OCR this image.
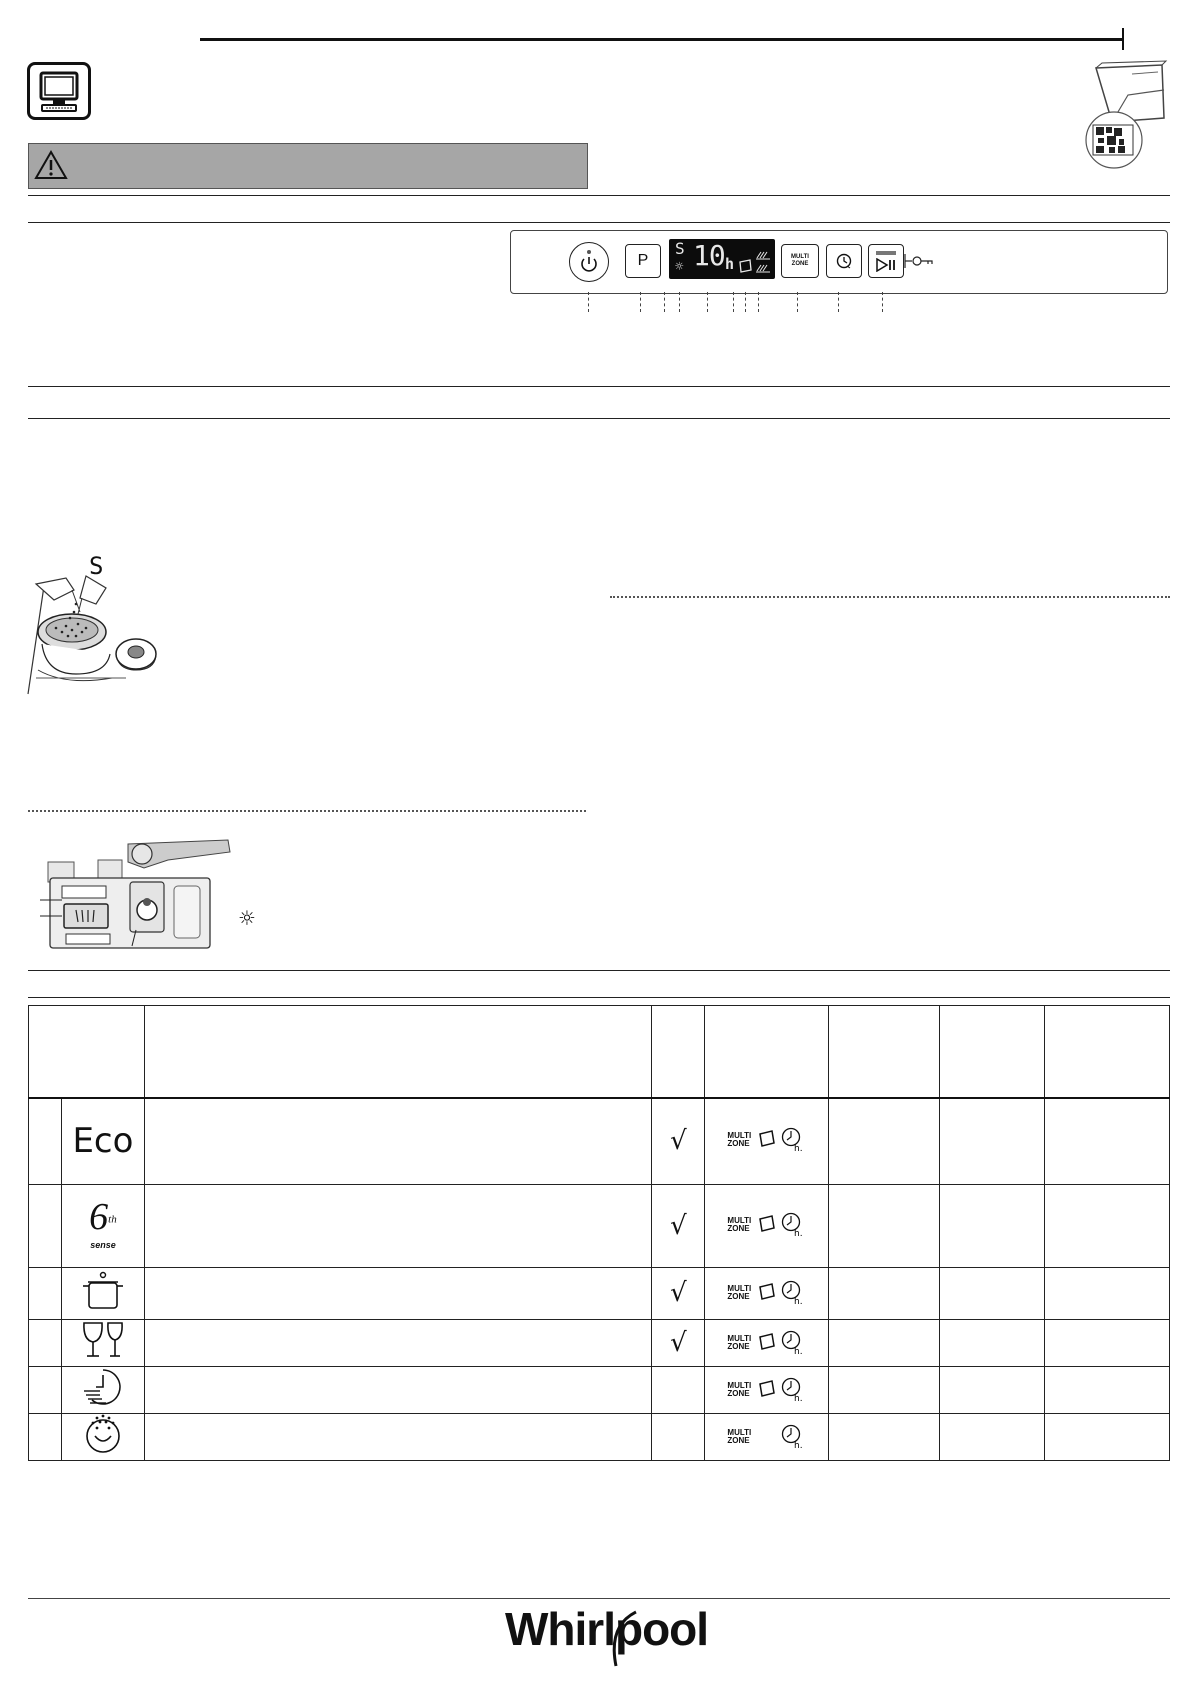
P
S
☼ 10 h	MULTI
ZONE
S
☼

	Eco		√	MULTI
ZONE
h.			

	6th
sense		√	MULTI
ZONE
h.			

			√	MULTI
ZONE
h.			

			√	MULTI
ZONE
h.			

MULTI
ZONE
h.			

MULTI
ZONE
h.			

Whirlpool
